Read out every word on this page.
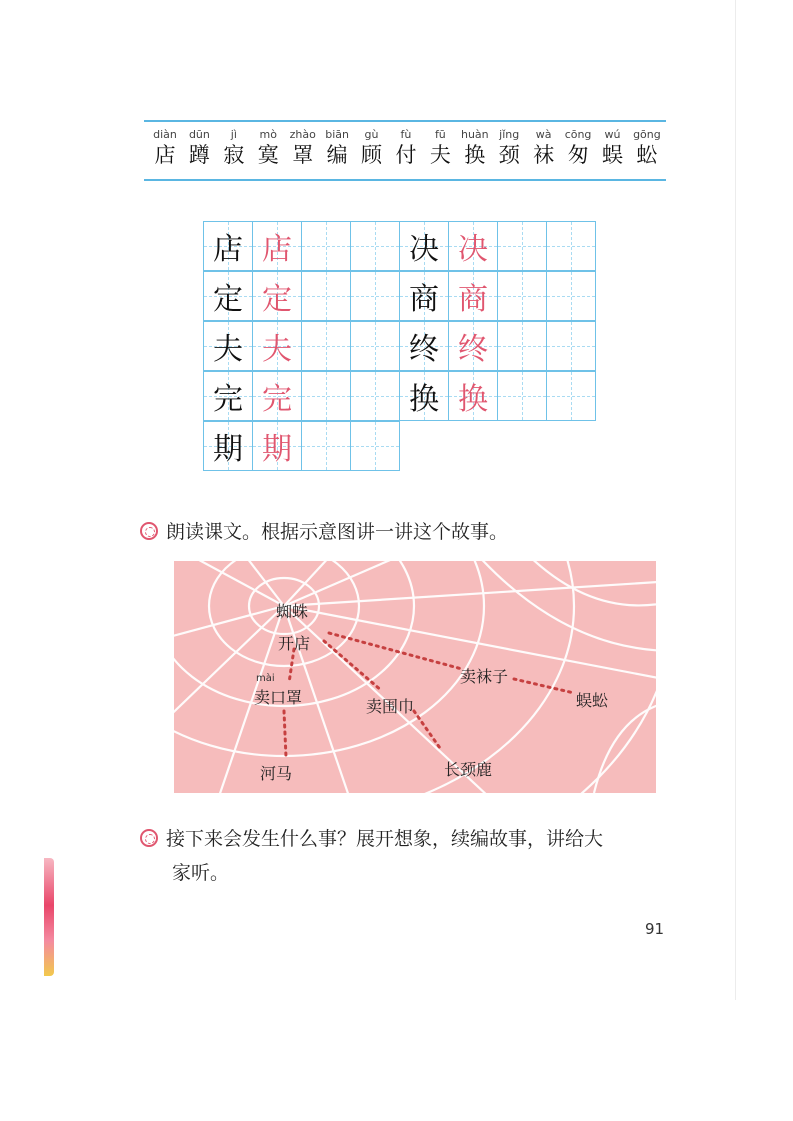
diàn
店
dūn
蹲
jì
寂
mò
寞
zhào
罩
biān
编
gù
顾
fù
付
fū
夫
huàn
换
jǐng
颈
wà
袜
cōng
匆
wú
蜈
gōng
蚣
店 店	决 决
定 定	商 商
夫 夫	终 终
完 完	换 换
期 期
朗读课文。根据示意图讲一讲这个故事。
蜘蛛
开店
mài
卖口罩	卖围巾
卖袜子
蜈蚣
河马	长颈鹿
接下来会发生什么事？展开想象，续编故事，讲给大
家听。
91
